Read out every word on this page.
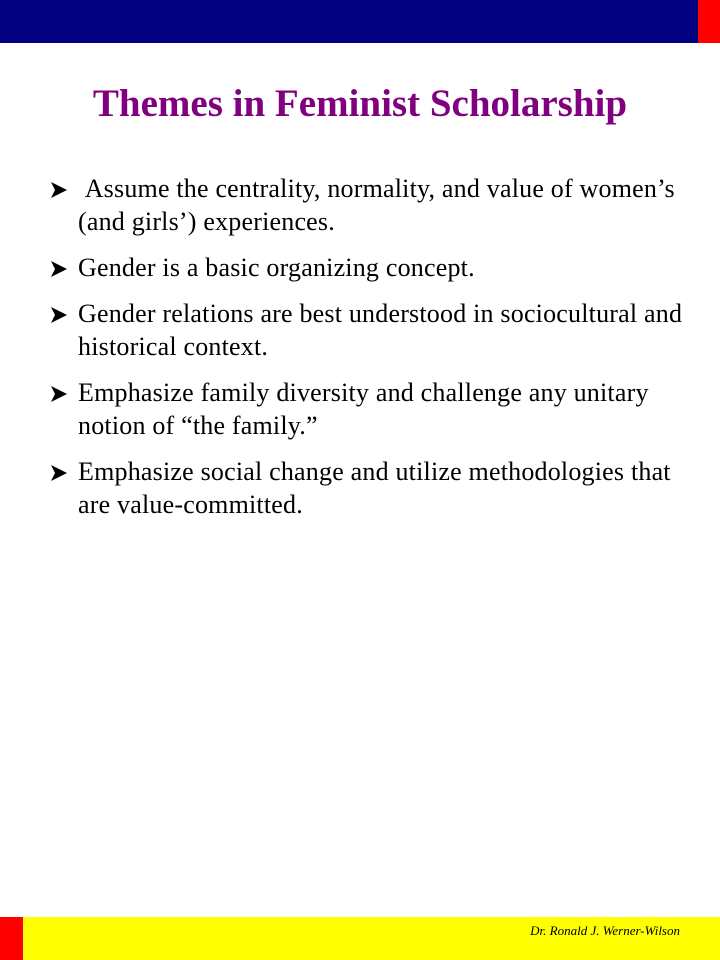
Themes in Feminist Scholarship
Assume the centrality, normality, and value of women’s (and girls’) experiences.
Gender is a basic organizing concept.
Gender relations are best understood in sociocultural and historical context.
Emphasize family diversity and challenge any unitary notion of “the family.”
Emphasize social change and utilize methodologies that are value-committed.
Dr. Ronald J. Werner-Wilson
